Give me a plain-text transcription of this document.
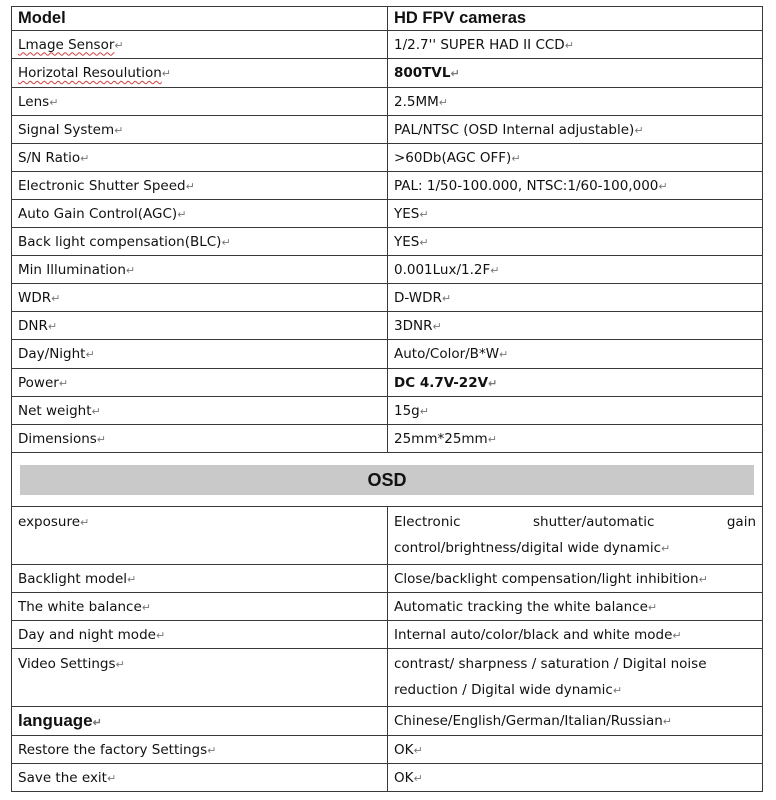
Model	HD FPV cameras
Lmage Sensor↵	1/2.7'' SUPER HAD II CCD↵
Horizotal Resoulution↵	800TVL↵
Lens↵	2.5MM↵
Signal System↵	PAL/NTSC (OSD Internal adjustable)↵
S/N Ratio↵	>60Db(AGC OFF)↵
Electronic Shutter Speed↵	PAL: 1/50-100.000, NTSC:1/60-100,000↵
Auto Gain Control(AGC)↵	YES↵
Back light compensation(BLC)↵	YES↵
Min Illumination↵	0.001Lux/1.2F↵
WDR↵	D-WDR↵
DNR↵	3DNR↵
Day/Night↵	Auto/Color/B*W↵
Power↵	DC 4.7V-22V↵
Net weight↵	15g↵
Dimensions↵	25mm*25mm↵

OSD	

exposure↵	Electronic shutter/automatic gain control/brightness/digital wide dynamic↵
Backlight model↵	Close/backlight compensation/light inhibition↵
The white balance↵	Automatic tracking the white balance↵
Day and night mode↵	Internal auto/color/black and white mode↵
Video Settings↵	contrast/ sharpness / saturation / Digital noise reduction / Digital wide dynamic↵
language↵	Chinese/English/German/Italian/Russian↵
Restore the factory Settings↵	OK↵
Save the exit↵	OK↵
